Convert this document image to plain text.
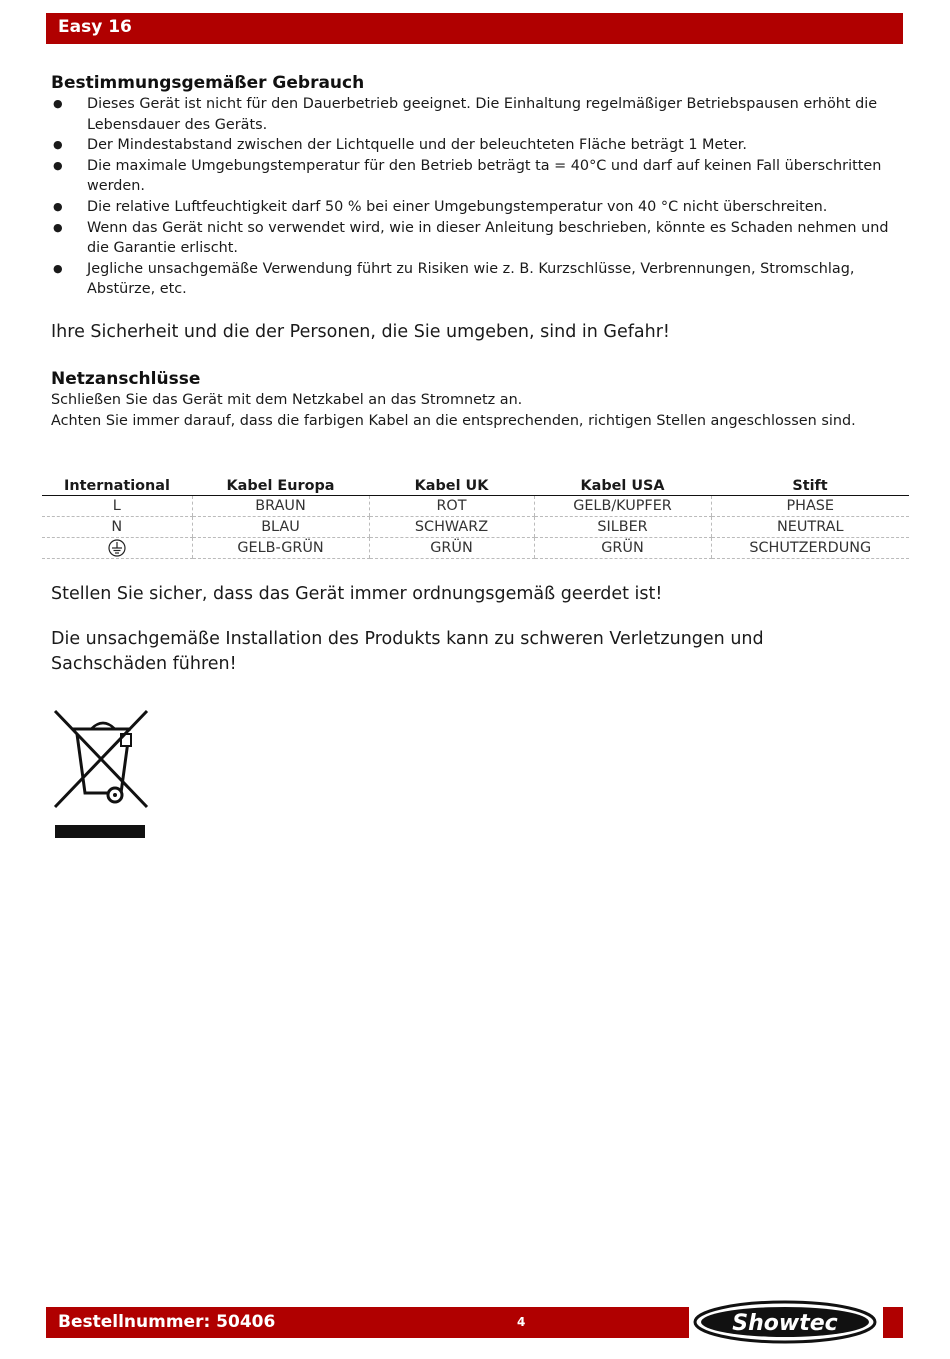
Easy 16
Bestimmungsgemäßer Gebrauch
● Dieses Gerät ist nicht für den Dauerbetrieb geeignet. Die Einhaltung regelmäßiger Betriebspausen erhöht die Lebensdauer des Geräts.
● Der Mindestabstand zwischen der Lichtquelle und der beleuchteten Fläche beträgt 1 Meter.
● Die maximale Umgebungstemperatur für den Betrieb beträgt ta = 40°C und darf auf keinen Fall überschritten werden.
● Die relative Luftfeuchtigkeit darf 50 % bei einer Umgebungstemperatur von 40 °C nicht überschreiten.
● Wenn das Gerät nicht so verwendet wird, wie in dieser Anleitung beschrieben, könnte es Schaden nehmen und die Garantie erlischt.
● Jegliche unsachgemäße Verwendung führt zu Risiken wie z. B. Kurzschlüsse, Verbrennungen, Stromschlag, Abstürze, etc.

Ihre Sicherheit und die der Personen, die Sie umgeben, sind in Gefahr!

Netzanschlüsse

Schließen Sie das Gerät mit dem Netzkabel an das Stromnetz an.

Achten Sie immer darauf, dass die farbigen Kabel an die entsprechenden, richtigen Stellen angeschlossen sind.

International	Kabel Europa	Kabel UK	Kabel USA	Stift
L	BRAUN	ROT	GELB/KUPFER	PHASE
N	BLAU	SCHWARZ	SILBER	NEUTRAL
	GELB-GRÜN	GRÜN	GRÜN	SCHUTZERDUNG

Stellen Sie sicher, dass das Gerät immer ordnungsgemäß geerdet ist!

Die unsachgemäße Installation des Produkts kann zu schweren Verletzungen und Sachschäden führen!

Bestellnummer: 50406	4	Showtec
